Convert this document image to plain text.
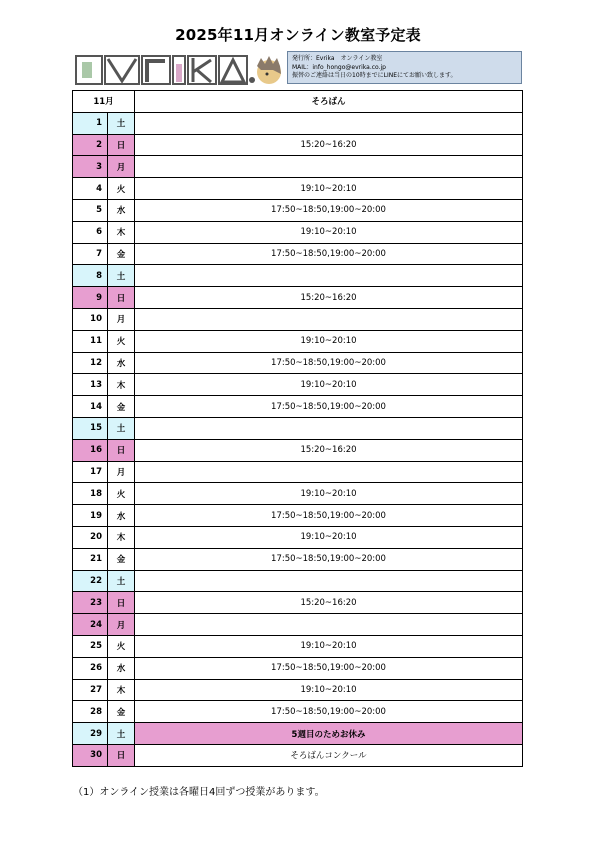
2025年11月オンライン教室予定表
発行所：Evrika　オンライン教室
MAIL：info_hongo@evrika.co.jp
振替のご連絡は当日の10時までにLINEにてお願い致します。
11月		そろばん
1	土	
2	日	15:20~16:20
3	月	
4	火	19:10~20:10
5	水	17:50~18:50,19:00~20:00
6	木	19:10~20:10
7	金	17:50~18:50,19:00~20:00
8	土	
9	日	15:20~16:20
10	月	
11	火	19:10~20:10
12	水	17:50~18:50,19:00~20:00
13	木	19:10~20:10
14	金	17:50~18:50,19:00~20:00
15	土	
16	日	15:20~16:20
17	月	
18	火	19:10~20:10
19	水	17:50~18:50,19:00~20:00
20	木	19:10~20:10
21	金	17:50~18:50,19:00~20:00
22	土	
23	日	15:20~16:20
24	月	
25	火	19:10~20:10
26	水	17:50~18:50,19:00~20:00
27	木	19:10~20:10
28	金	17:50~18:50,19:00~20:00
29	土	5週目のためお休み
30	日	そろばんコンクール
（1）オンライン授業は各曜日4回ずつ授業があります。
